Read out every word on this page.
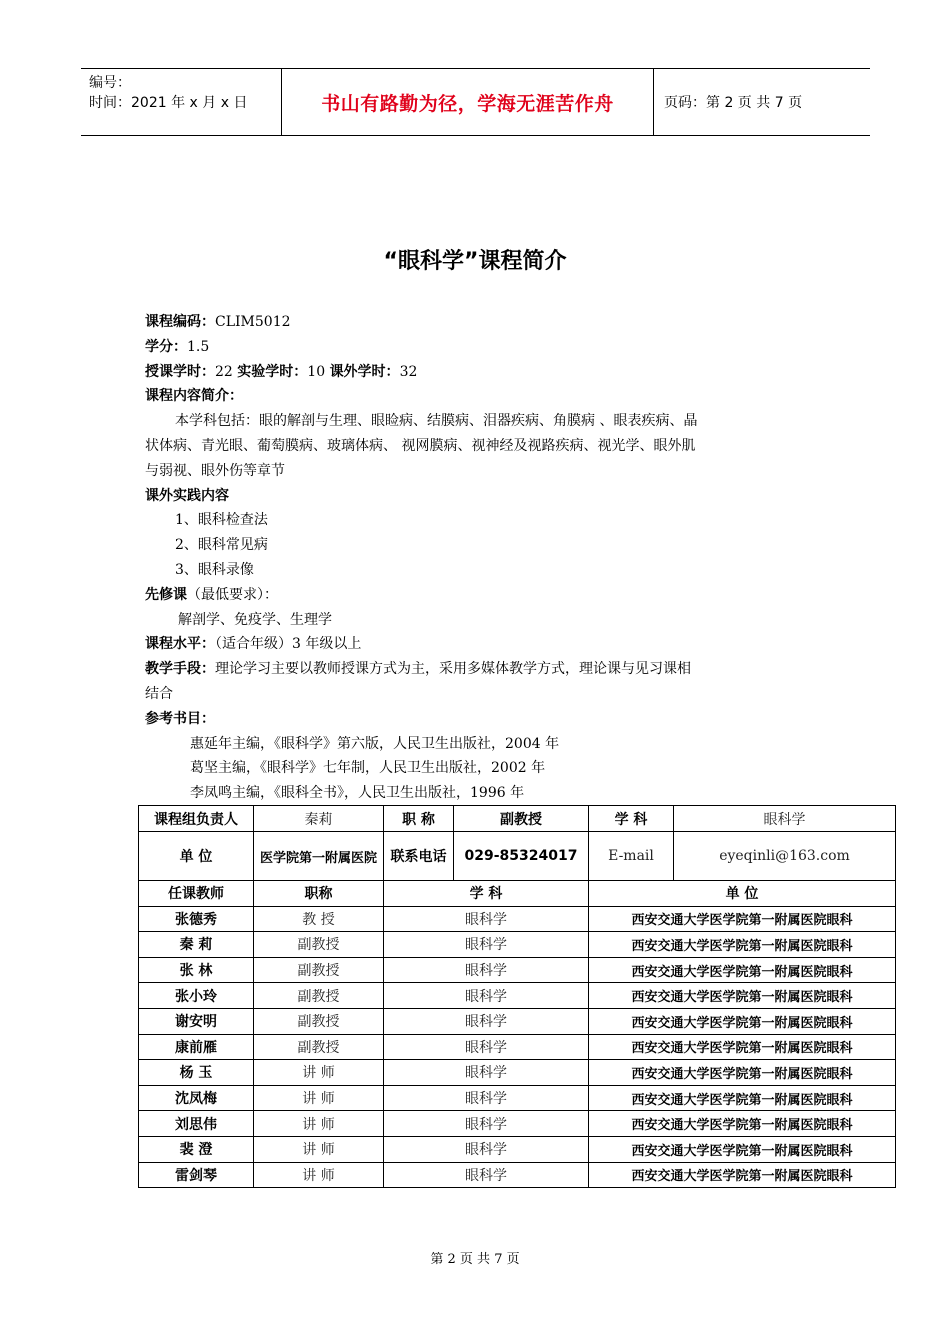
编号：
时间：2021 年 x 月 x 日	书山有路勤为径，学海无涯苦作舟	页码：第 2 页 共 7 页
“眼科学”课程简介
课程编码：CLIM5012
学分：1.5
授课学时：22 实验学时：10 课外学时：32
课程内容简介：
本学科包括：眼的解剖与生理、眼睑病、结膜病、泪器疾病、角膜病 、眼表疾病、晶
状体病、青光眼、葡萄膜病、玻璃体病、 视网膜病、视神经及视路疾病、视光学、眼外肌
与弱视、眼外伤等章节
课外实践内容
1、眼科检查法
2、眼科常见病
3、眼科录像
先修课（最低要求）：
解剖学、免疫学、生理学
课程水平：（适合年级）3 年级以上
教学手段：理论学习主要以教师授课方式为主，采用多媒体教学方式，理论课与见习课相
结合
参考书目：
惠延年主编，《眼科学》第六版，人民卫生出版社，2004 年
葛坚主编，《眼科学》七年制，人民卫生出版社，2002 年
李凤鸣主编，《眼科全书》，人民卫生出版社，1996 年
课程组负责人	秦莉	职 称	副教授	学 科	眼科学
单 位	医学院第一附属医院	联系电话	029-85324017	E-mail	eyeqinli@163.com
任课教师	职称	学 科		单 位	
张德秀	教 授	眼科学		西安交通大学医学院第一附属医院眼科	
秦 莉	副教授	眼科学		西安交通大学医学院第一附属医院眼科	
张 林	副教授	眼科学		西安交通大学医学院第一附属医院眼科	
张小玲	副教授	眼科学		西安交通大学医学院第一附属医院眼科	
谢安明	副教授	眼科学		西安交通大学医学院第一附属医院眼科	
康前雁	副教授	眼科学		西安交通大学医学院第一附属医院眼科	
杨 玉	讲 师	眼科学		西安交通大学医学院第一附属医院眼科	
沈凤梅	讲 师	眼科学		西安交通大学医学院第一附属医院眼科	
刘思伟	讲 师	眼科学		西安交通大学医学院第一附属医院眼科	
裴 澄	讲 师	眼科学		西安交通大学医学院第一附属医院眼科	
雷剑琴	讲 师	眼科学		西安交通大学医学院第一附属医院眼科	
第 2 页 共 7 页
